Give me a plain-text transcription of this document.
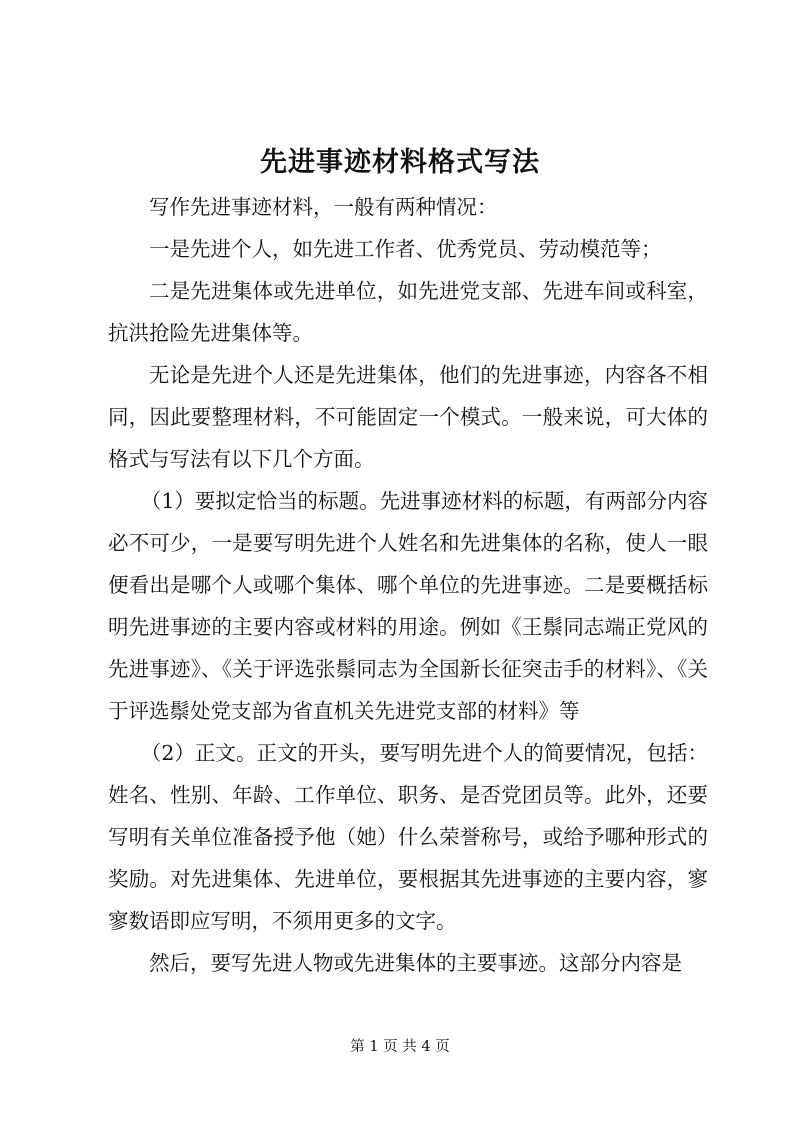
先进事迹材料格式写法

写作先进事迹材料，一般有两种情况：

一是先进个人，如先进工作者、优秀党员、劳动模范等；

二是先进集体或先进单位，如先进党支部、先进车间或科室，抗洪抢险先进集体等。

无论是先进个人还是先进集体，他们的先进事迹，内容各不相同，因此要整理材料，不可能固定一个模式。一般来说，可大体的格式与写法有以下几个方面。

（1）要拟定恰当的标题。先进事迹材料的标题，有两部分内容必不可少，一是要写明先进个人姓名和先进集体的名称，使人一眼便看出是哪个人或哪个集体、哪个单位的先进事迹。二是要概括标明先进事迹的主要内容或材料的用途。例如《王鬃同志端正党风的先进事迹》、《关于评选张鬃同志为全国新长征突击手的材料》、《关于评选鬃处党支部为省直机关先进党支部的材料》等

（2）正文。正文的开头，要写明先进个人的简要情况，包括：姓名、性别、年龄、工作单位、职务、是否党团员等。此外，还要写明有关单位准备授予他（她）什么荣誉称号，或给予哪种形式的奖励。对先进集体、先进单位，要根据其先进事迹的主要内容，寥寥数语即应写明，不须用更多的文字。

然后，要写先进人物或先进集体的主要事迹。这部分内容是

第 1 页 共 4 页
